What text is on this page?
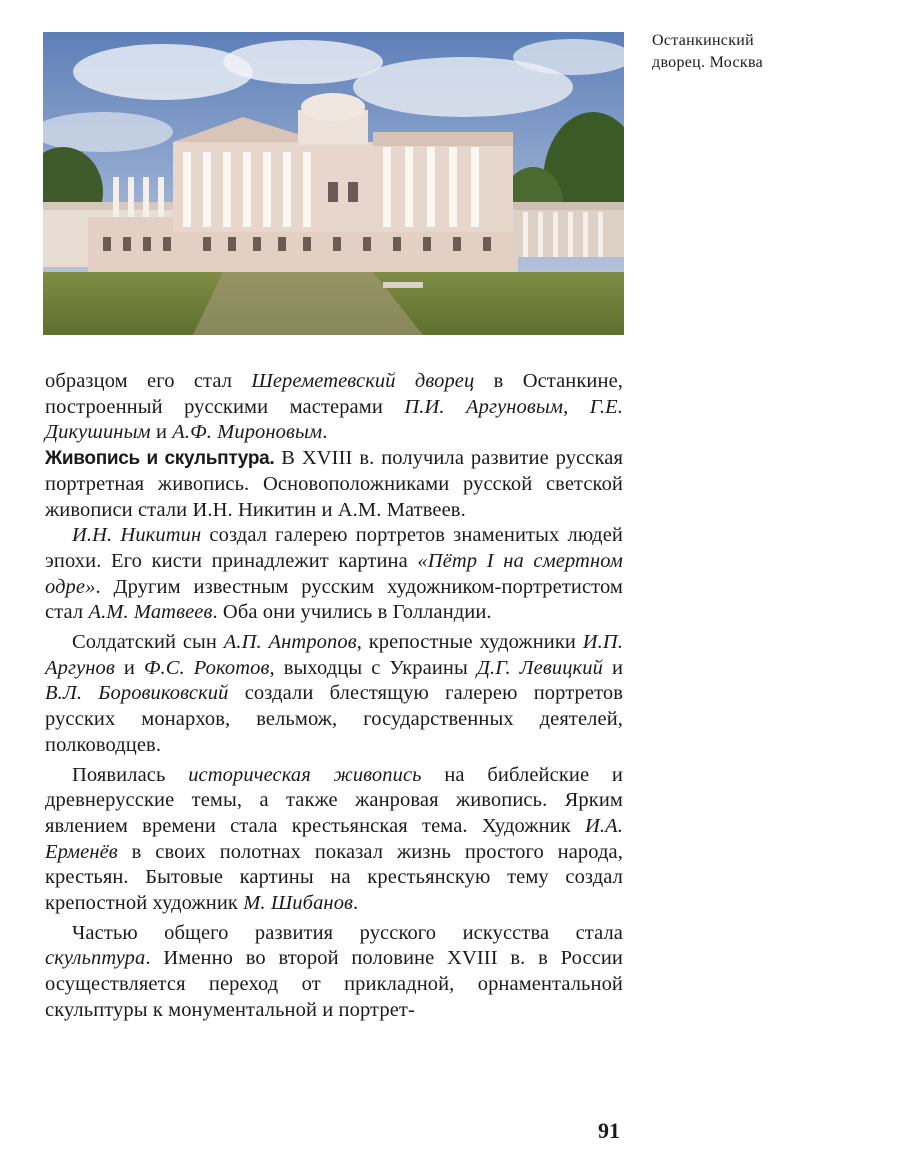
Останкинский
дворец. Москва

образцом его стал Шереметевский дворец в Останкине, построенный русскими мастерами П.И. Аргуновым, Г.Е. Дикушиным и А.Ф. Мироновым.

Живопись и скульптура. В XVIII в. получила развитие русская портретная живопись. Основоположниками русской светской живописи стали И.Н. Никитин и А.М. Матвеев.

И.Н. Никитин создал галерею портретов знаменитых людей эпохи. Его кисти принадлежит картина «Пётр I на смертном одре». Другим известным русским художником-портретистом стал А.М. Матвеев. Оба они учились в Голландии.

Солдатский сын А.П. Антропов, крепостные художники И.П. Аргунов и Ф.С. Рокотов, выходцы с Украины Д.Г. Левицкий и В.Л. Боровиковский создали блестящую галерею портретов русских монархов, вельмож, государственных деятелей, полководцев.

Появилась историческая живопись на библейские и древнерусские темы, а также жанровая живопись. Ярким явлением времени стала крестьянская тема. Художник И.А. Ерменёв в своих полотнах показал жизнь простого народа, крестьян. Бытовые картины на крестьянскую тему создал крепостной художник М. Шибанов.

Частью общего развития русского искусства стала скульптура. Именно во второй половине XVIII в. в России осуществляется переход от прикладной, орнаментальной скульптуры к монументальной и портрет-

91
